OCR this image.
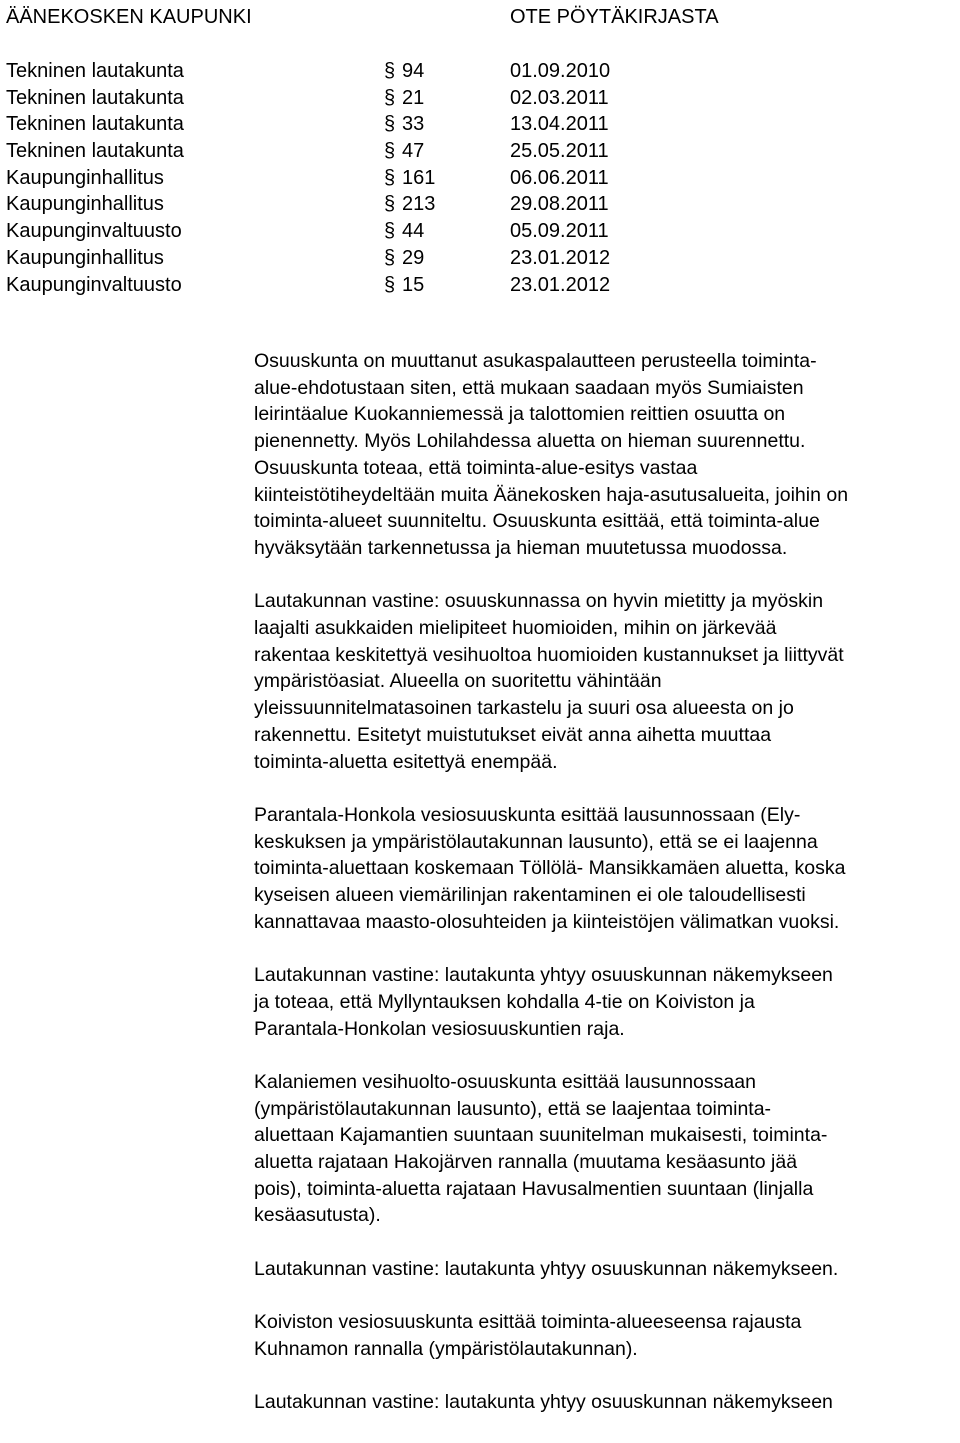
ÄÄNEKOSKEN KAUPUNKI	OTE PÖYTÄKIRJASTA
Tekninen lautakunta	§ 94	01.09.2010
Tekninen lautakunta	§ 21	02.03.2011
Tekninen lautakunta	§ 33	13.04.2011
Tekninen lautakunta	§ 47	25.05.2011
Kaupunginhallitus	§ 161	06.06.2011
Kaupunginhallitus	§ 213	29.08.2011
Kaupunginvaltuusto	§ 44	05.09.2011
Kaupunginhallitus	§ 29	23.01.2012
Kaupunginvaltuusto	§ 15	23.01.2012

Osuuskunta on muuttanut asukaspalautteen perusteella toiminta-
alue-ehdotustaan siten, että mukaan saadaan myös Sumiaisten
leirintäalue Kuokanniemessä ja talottomien reittien osuutta on
pienennetty. Myös Lohilahdessa aluetta on hieman suurennettu.
Osuuskunta toteaa, että toiminta-alue-esitys vastaa
kiinteistötiheydeltään muita Äänekosken haja-asutusalueita, joihin on
toiminta-alueet suunniteltu. Osuuskunta esittää, että toiminta-alue
hyväksytään tarkennetussa ja hieman muutetussa muodossa.

Lautakunnan vastine: osuuskunnassa on hyvin mietitty ja myöskin
laajalti asukkaiden mielipiteet huomioiden, mihin on järkevää
rakentaa keskitettyä vesihuoltoa huomioiden kustannukset ja liittyvät
ympäristöasiat. Alueella on suoritettu vähintään
yleissuunnitelmatasoinen tarkastelu ja suuri osa alueesta on jo
rakennettu. Esitetyt muistutukset eivät anna aihetta muuttaa
toiminta-aluetta esitettyä enempää.

Parantala-Honkola vesiosuuskunta esittää lausunnossaan (Ely-
keskuksen ja ympäristölautakunnan lausunto), että se ei laajenna
toiminta-aluettaan koskemaan Töllölä- Mansikkamäen aluetta, koska
kyseisen alueen viemärilinjan rakentaminen ei ole taloudellisesti
kannattavaa maasto-olosuhteiden ja kiinteistöjen välimatkan vuoksi.

Lautakunnan vastine: lautakunta yhtyy osuuskunnan näkemykseen
ja toteaa, että Myllyntauksen kohdalla 4-tie on Koiviston ja
Parantala-Honkolan vesiosuuskuntien raja.

Kalaniemen vesihuolto-osuuskunta esittää lausunnossaan
(ympäristölautakunnan lausunto), että se laajentaa toiminta-
aluettaan Kajamantien suuntaan suunitelman mukaisesti, toiminta-
aluetta rajataan Hakojärven rannalla (muutama kesäasunto jää
pois), toiminta-aluetta rajataan Havusalmentien suuntaan (linjalla
kesäasutusta).

Lautakunnan vastine: lautakunta yhtyy osuuskunnan näkemykseen.

Koiviston vesiosuuskunta esittää toiminta-alueeseensa rajausta
Kuhnamon rannalla (ympäristölautakunnan).

Lautakunnan vastine: lautakunta yhtyy osuuskunnan näkemykseen
